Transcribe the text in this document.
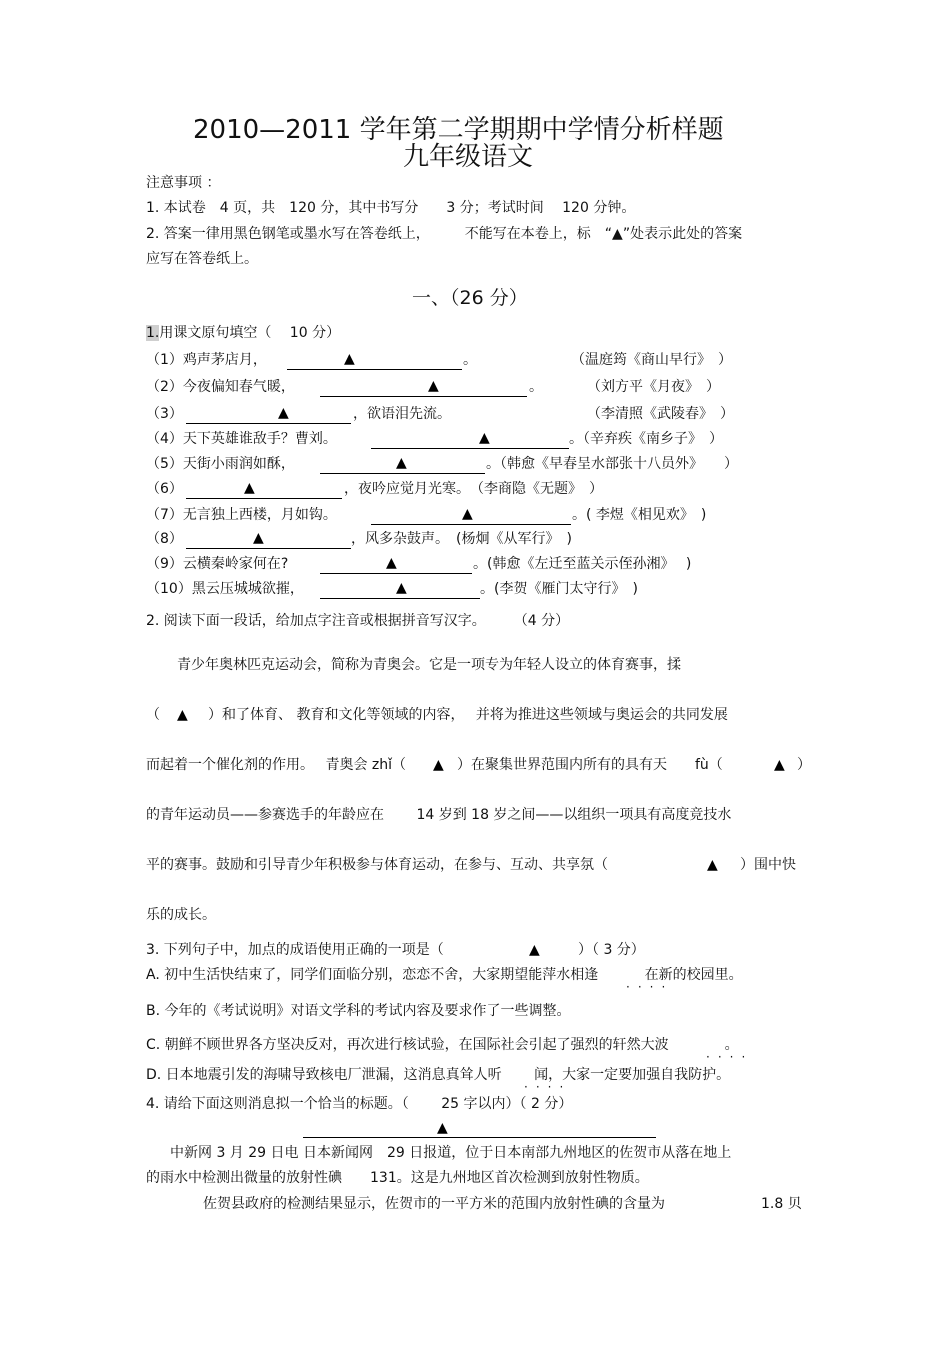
2010—2011 学年第二学期期中学情分析样题
九年级语文
注意事项 ：
1. 本试卷　4 页，共　120 分，其中书写分　　3 分；考试时间　 120 分钟。
2. 答案一律用黑色钢笔或墨水写在答卷纸上，　　　不能写在本卷上，标　“▲”处表示此处的答案
应写在答卷纸上。
一、（26 分）
1.用课文原句填空（　 10 分）
（1）鸡声茅店月，	▲	。	（温庭筠《商山早行》　）
（2）今夜偏知春气暖，	▲	。	（刘方平《月夜》　）
（3）	▲	，欲语泪先流。	（李清照《武陵春》　）
（4）天下英雄谁敌手？曹刘。	▲	。（辛弃疾《南乡子》　）
（5）天街小雨润如酥，	▲	。（韩愈《早春呈水部张十八员外》　　）
（6）	▲	，夜吟应觉月光寒。　（李商隐《无题》　）
（7）无言独上西楼，月如钩。	▲	。( 李煜《相见欢》　)
（8）	▲	，风多杂鼓声。　(杨炯《从军行》　)
（9）云横秦岭家何在?	▲	。(韩愈《左迁至蓝关示侄孙湘》　 )
（10）黑云压城城欲摧，	▲	。(李贺《雁门太守行》　)
2. 阅读下面一段话，给加点字注音或根据拼音写汉字。　　　（4 分）
青少年奥林匹克运动会，简称为青奥会。它是一项专为年轻人设立的体育赛事，揉
（　 ▲ ）和了体育、 教育和文化等领域的内容，　 并将为推进这些领域与奥运会的共同发展
而起着一个催化剂的作用。　 青奥会 zhǐ（ ▲ ）在聚集世界范围内所有的具有天　　fù（	▲ ）
的青年运动员——参赛选手的年龄应在　　 14 岁到 18 岁之间——以组织一项具有高度竞技水
平的赛事。鼓励和引导青少年积极参与体育运动，在参与、互动、共享氛（	▲ ）围中快
乐的成长。
3. 下列句子中，加点的成语使用正确的一项是（	▲	）（ 3 分）
A. 初中生活快结束了，同学们面临分别，恋恋不舍，大家期望能萍水相逢　　　 在新的校园里。
····
B. 今年的《考试说明》对语文学科的考试内容及要求作了一些调整。
C. 朝鲜不顾世界各方坚决反对，再次进行核试验，在国际社会引起了强烈的轩然大波　　　　。
····
D. 日本地震引发的海啸导致核电厂泄漏，这消息真耸人听　　 闻，大家一定要加强自我防护。
····
4. 请给下面这则消息拟一个恰当的标题。（　　 25 字以内）（ 2 分）
▲
中新网 3 月 29 日电 日本新闻网　29 日报道，位于日本南部九州地区的佐贺市从落在地上
的雨水中检测出微量的放射性碘　　131。这是九州地区首次检测到放射性物质。
佐贺县政府的检测结果显示，佐贺市的一平方米的范围内放射性碘的含量为	1.8 贝
